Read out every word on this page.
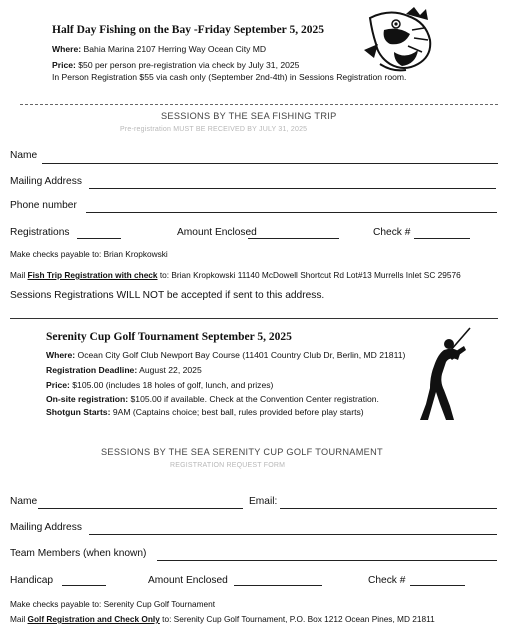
Half Day Fishing on the Bay -Friday September 5, 2025
Where: Bahia Marina 2107 Herring Way Ocean City MD
Price: $50 per person pre-registration via check by July 31, 2025
In Person Registration $55 via cash only (September 2nd-4th) in Sessions Registration room.
SESSIONS BY THE SEA FISHING TRIP
Pre-registration MUST BE RECEIVED BY JULY 31, 2025
Name
Mailing Address
Phone number
Registrations	Amount Enclosed	Check #
Make checks payable to: Brian Kropkowski
Mail Fish Trip Registration with check to: Brian Kropkowski 11140 McDowell Shortcut Rd Lot#13 Murrells Inlet SC 29576
Sessions Registrations WILL NOT be accepted if sent to this address.
Serenity Cup Golf Tournament September 5, 2025
Where: Ocean City Golf Club Newport Bay Course (11401 Country Club Dr, Berlin, MD 21811)
Registration Deadline: August 22, 2025
Price: $105.00 (includes 18 holes of golf, lunch, and prizes)
On-site registration: $105.00 if available. Check at the Convention Center registration.
Shotgun Starts: 9AM (Captains choice; best ball, rules provided before play starts)
SESSIONS BY THE SEA SERENITY CUP GOLF TOURNAMENT
REGISTRATION REQUEST FORM
Name	Email:
Mailing Address
Team Members (when known)
Handicap	Amount Enclosed	Check #
Make checks payable to: Serenity Cup Golf Tournament
Mail Golf Registration and Check Only to: Serenity Cup Golf Tournament, P.O. Box 1212 Ocean Pines, MD 21811
